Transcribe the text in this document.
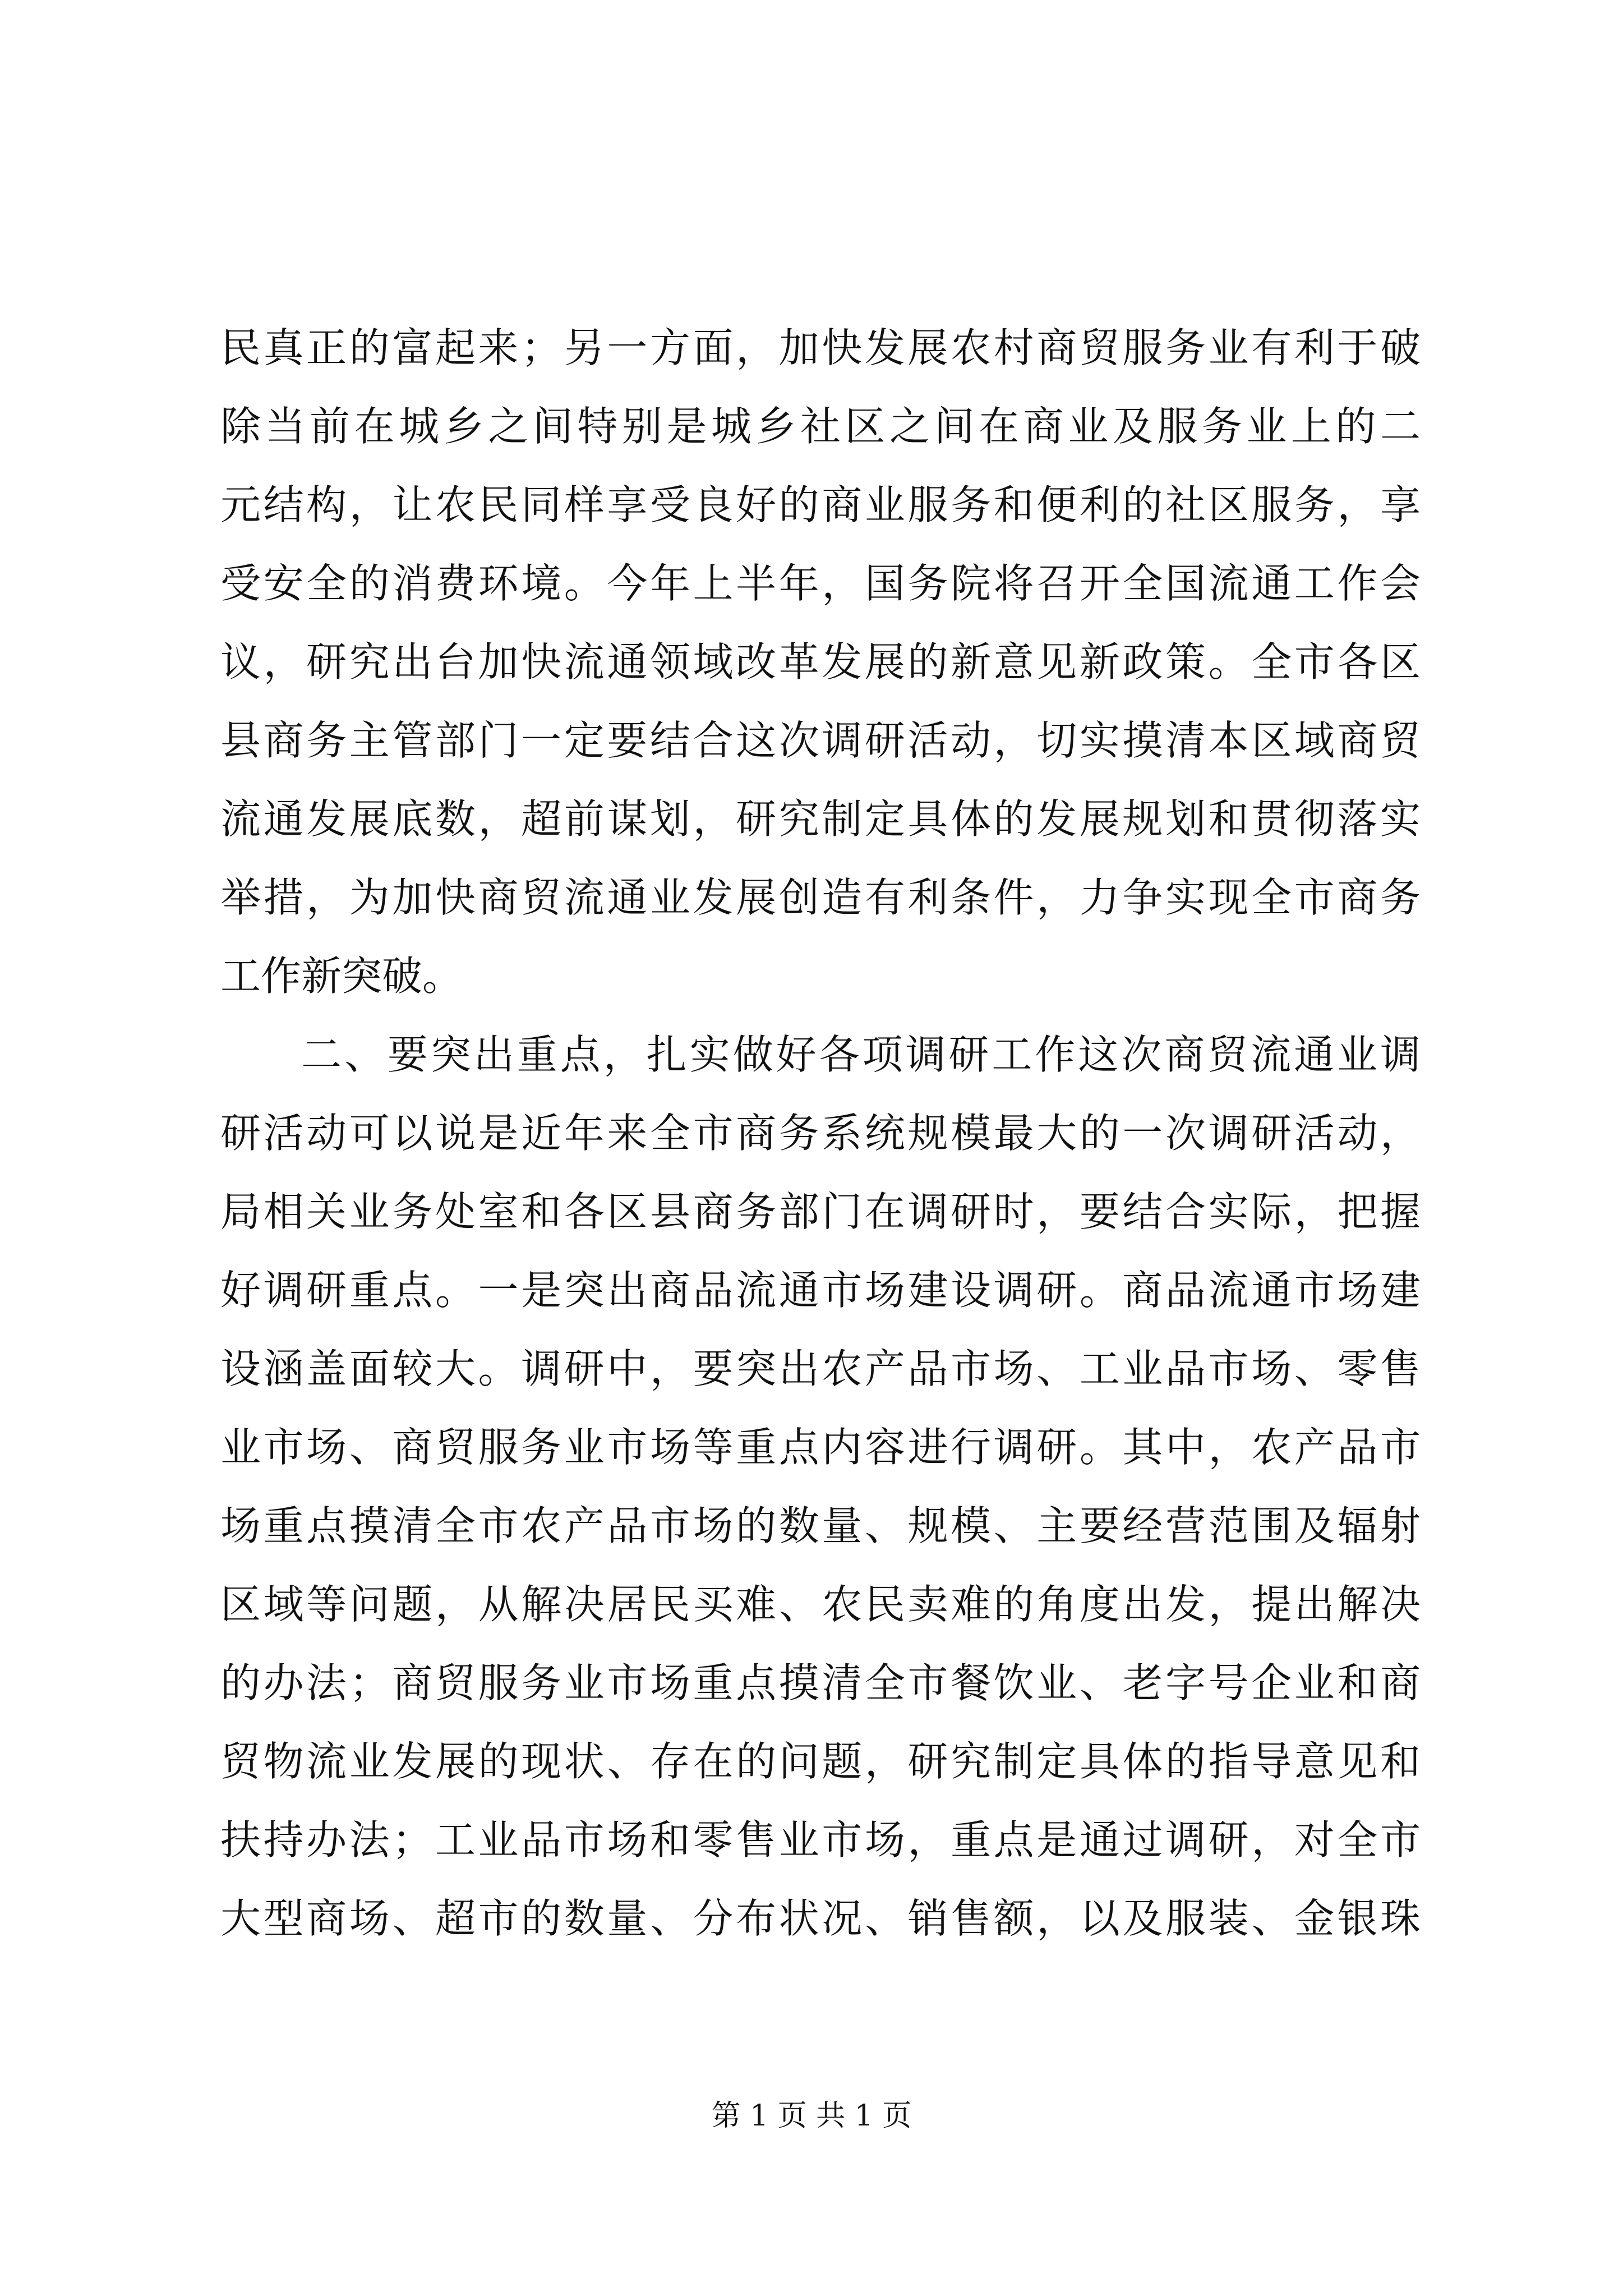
民真正的富起来；另一方面，加快发展农村商贸服务业有利于破
除当前在城乡之间特别是城乡社区之间在商业及服务业上的二
元结构，让农民同样享受良好的商业服务和便利的社区服务，享
受安全的消费环境。今年上半年，国务院将召开全国流通工作会
议，研究出台加快流通领域改革发展的新意见新政策。全市各区
县商务主管部门一定要结合这次调研活动，切实摸清本区域商贸
流通发展底数，超前谋划，研究制定具体的发展规划和贯彻落实
举措，为加快商贸流通业发展创造有利条件，力争实现全市商务
工作新突破。
二、要突出重点，扎实做好各项调研工作这次商贸流通业调
研活动可以说是近年来全市商务系统规模最大的一次调研活动，
局相关业务处室和各区县商务部门在调研时，要结合实际，把握
好调研重点。一是突出商品流通市场建设调研。商品流通市场建
设涵盖面较大。调研中，要突出农产品市场、工业品市场、零售
业市场、商贸服务业市场等重点内容进行调研。其中，农产品市
场重点摸清全市农产品市场的数量、规模、主要经营范围及辐射
区域等问题，从解决居民买难、农民卖难的角度出发，提出解决
的办法；商贸服务业市场重点摸清全市餐饮业、老字号企业和商
贸物流业发展的现状、存在的问题，研究制定具体的指导意见和
扶持办法；工业品市场和零售业市场，重点是通过调研，对全市
大型商场、超市的数量、分布状况、销售额，以及服装、金银珠
第 1 页 共 1 页
